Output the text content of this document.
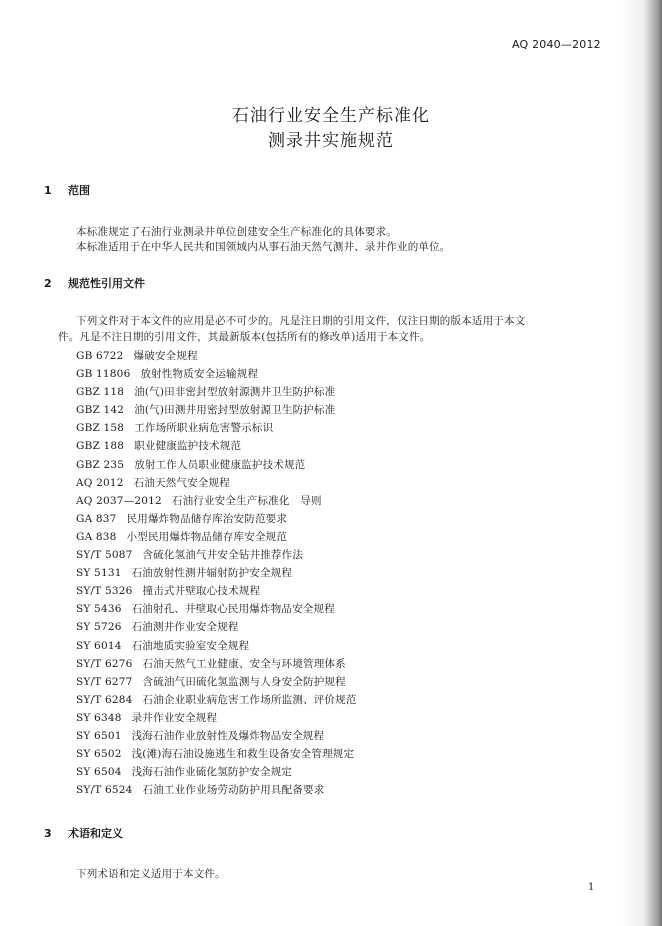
AQ 2040—2012
石油行业安全生产标准化
测录井实施规范
1 范围
本标准规定了石油行业测录井单位创建安全生产标准化的具体要求。
本标准适用于在中华人民共和国领域内从事石油天然气测井、录井作业的单位。
2 规范性引用文件
下列文件对于本文件的应用是必不可少的。凡是注日期的引用文件，仅注日期的版本适用于本文
件。凡是不注日期的引用文件，其最新版本(包括所有的修改单)适用于本文件。
GB 6722 爆破安全规程
GB 11806 放射性物质安全运输规程
GBZ 118 油(气)田非密封型放射源测井卫生防护标准
GBZ 142 油(气)田测井用密封型放射源卫生防护标准
GBZ 158 工作场所职业病危害警示标识
GBZ 188 职业健康监护技术规范
GBZ 235 放射工作人员职业健康监护技术规范
AQ 2012 石油天然气安全规程
AQ 2037—2012 石油行业安全生产标准化　导则
GA 837 民用爆炸物品储存库治安防范要求
GA 838 小型民用爆炸物品储存库安全规范
SY/T 5087 含硫化氢油气井安全钻井推荐作法
SY 5131 石油放射性测井辐射防护安全规程
SY/T 5326 撞击式井壁取心技术规程
SY 5436 石油射孔、井壁取心民用爆炸物品安全规程
SY 5726 石油测井作业安全规程
SY 6014 石油地质实验室安全规程
SY/T 6276 石油天然气工业健康、安全与环境管理体系
SY/T 6277 含硫油气田硫化氢监测与人身安全防护规程
SY/T 6284 石油企业职业病危害工作场所监测、评价规范
SY 6348 录井作业安全规程
SY 6501 浅海石油作业放射性及爆炸物品安全规程
SY 6502 浅(滩)海石油设施逃生和救生设备安全管理规定
SY 6504 浅海石油作业硫化氢防护安全规定
SY/T 6524 石油工业作业场劳动防护用具配备要求
3 术语和定义
下列术语和定义适用于本文件。
1
